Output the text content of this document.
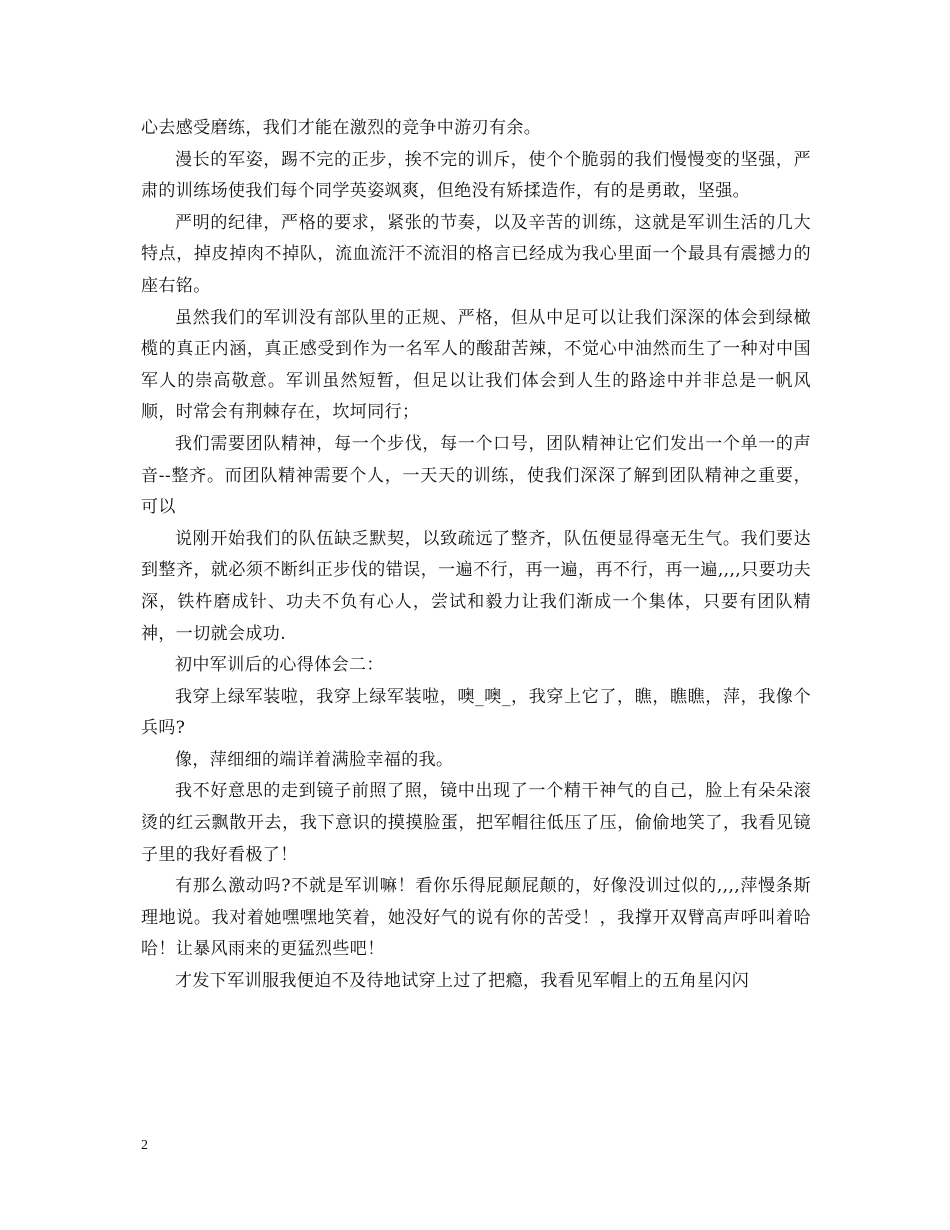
心去感受磨练，我们才能在激烈的竞争中游刃有余。

漫长的军姿，踢不完的正步，挨不完的训斥，使个个脆弱的我们慢慢变的坚强，严肃的训练场使我们每个同学英姿飒爽，但绝没有矫揉造作，有的是勇敢，坚强。

严明的纪律，严格的要求，紧张的节奏，以及辛苦的训练，这就是军训生活的几大特点，掉皮掉肉不掉队，流血流汗不流泪的格言已经成为我心里面一个最具有震撼力的座右铭。

虽然我们的军训没有部队里的正规、严格，但从中足可以让我们深深的体会到绿橄榄的真正内涵，真正感受到作为一名军人的酸甜苦辣，不觉心中油然而生了一种对中国军人的崇高敬意。军训虽然短暂，但足以让我们体会到人生的路途中并非总是一帆风顺，时常会有荆棘存在，坎坷同行；

我们需要团队精神，每一个步伐，每一个口号，团队精神让它们发出一个单一的声音--整齐。而团队精神需要个人，一天天的训练，使我们深深了解到团队精神之重要，可以

说刚开始我们的队伍缺乏默契，以致疏远了整齐，队伍便显得毫无生气。我们要达到整齐，就必须不断纠正步伐的错误，一遍不行，再一遍，再不行，再一遍,,,,只要功夫深，铁杵磨成针、功夫不负有心人，尝试和毅力让我们渐成一个集体，只要有团队精神，一切就会成功.

初中军训后的心得体会二：

我穿上绿军装啦，我穿上绿军装啦，噢_噢_，我穿上它了，瞧，瞧瞧，萍，我像个兵吗?

像，萍细细的端详着满脸幸福的我。

我不好意思的走到镜子前照了照，镜中出现了一个精干神气的自己，脸上有朵朵滚烫的红云飘散开去，我下意识的摸摸脸蛋，把军帽往低压了压，偷偷地笑了，我看见镜子里的我好看极了！

有那么激动吗?不就是军训嘛！看你乐得屁颠屁颠的，好像没训过似的,,,,萍慢条斯理地说。我对着她嘿嘿地笑着，她没好气的说有你的苦受！，我撑开双臂高声呼叫着哈哈！让暴风雨来的更猛烈些吧！

才发下军训服我便迫不及待地试穿上过了把瘾，我看见军帽上的五角星闪闪

2
